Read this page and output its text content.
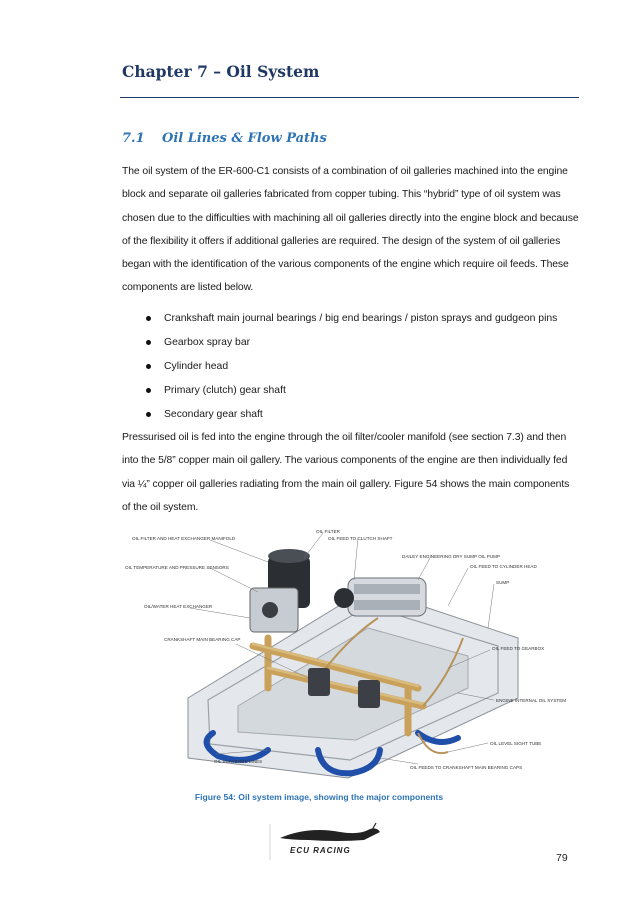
Chapter 7 – Oil System
7.1 Oil Lines & Flow Paths

The oil system of the ER-600-C1 consists of a combination of oil galleries machined into the engine block and separate oil galleries fabricated from copper tubing. This “hybrid” type of oil system was chosen due to the difficulties with machining all oil galleries directly into the engine block and because of the flexibility it offers if additional galleries are required. The design of the system of oil galleries began with the identification of the various components of the engine which require oil feeds. These components are listed below.

Crankshaft main journal bearings / big end bearings / piston sprays and gudgeon pins
Gearbox spray bar
Cylinder head
Primary (clutch) gear shaft
Secondary gear shaft

Pressurised oil is fed into the engine through the oil filter/cooler manifold (see section 7.3) and then into the 5/8” copper main oil gallery. The various components of the engine are then individually fed via ¼” copper oil galleries radiating from the main oil gallery. Figure 54 shows the main components of the oil system.

OIL FILTER AND HEAT EXCHANGER MANIFOLD
OIL FILTER
OIL TEMPERATURE AND PRESSURE SENSORS
OIL FEED TO CLUTCH SHAFT
DAILEY ENGINEERING DRY SUMP OIL PUMP
OIL/WATER HEAT EXCHANGER
OIL FEED TO CYLINDER HEAD
SUMP
CRANKSHAFT MAIN BEARING CAP
OIL FEED TO GEARBOX
ENGINE INTERNAL OIL SYSTEM
OIL LEVEL SIGHT TUBE
OIL SCAVENGE LINES
OIL FEEDS TO CRANKSHAFT MAIN BEARING CAPS

Figure 54: Oil system image, showing the major components

ECU RACING
79
